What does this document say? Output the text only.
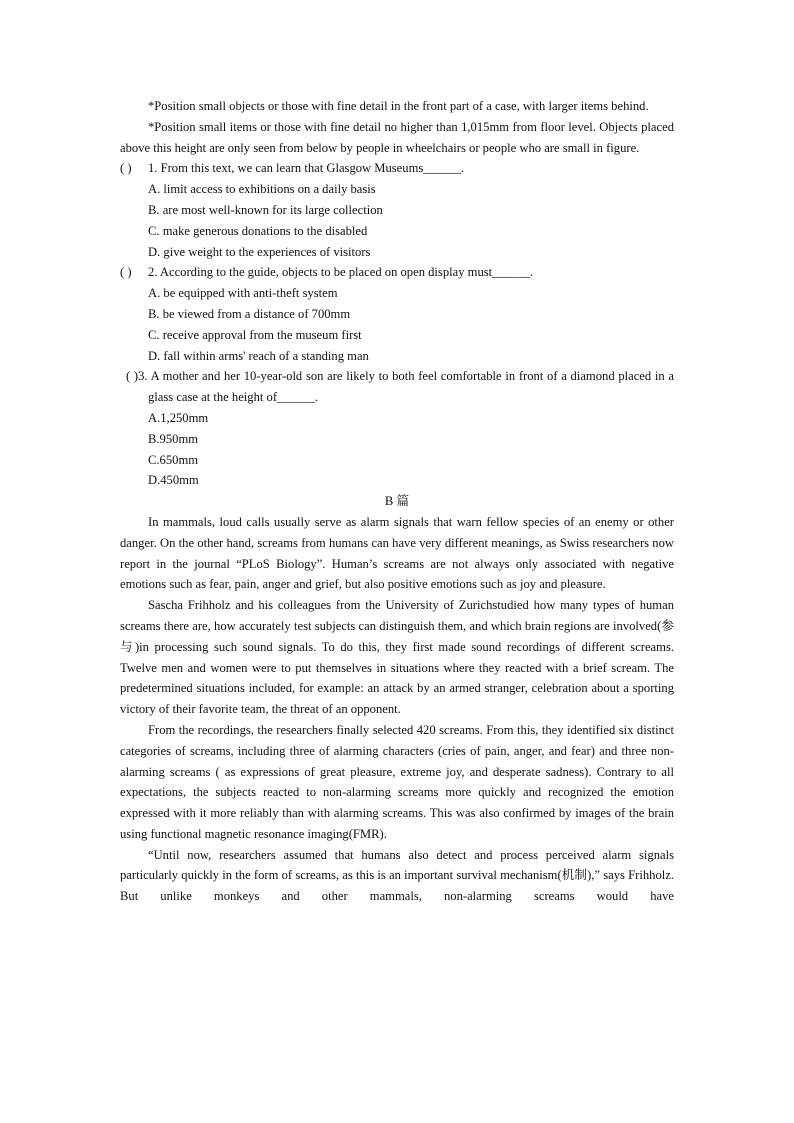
*Position small objects or those with fine detail in the front part of a case, with larger items behind.

*Position small items or those with fine detail no higher than 1,015mm from floor level. Objects placed above this height are only seen from below by people in wheelchairs or people who are small in figure.

( )	1. From this text, we can learn that Glasgow Museums______.

A. limit access to exhibitions on a daily basis

B. are most well-known for its large collection

C. make generous donations to the disabled

D. give weight to the experiences of visitors

( )	2. According to the guide, objects to be placed on open display must______.

A. be equipped with anti-theft system

B. be viewed from a distance of 700mm

C. receive approval from the museum first

D. fall within arms' reach of a standing man

( )3. A mother and her 10-year-old son are likely to both feel comfortable in front of a diamond placed in a glass case at the height of______.

A.1,250mm

B.950mm

C.650mm

D.450mm

B 篇

In mammals, loud calls usually serve as alarm signals that warn fellow species of an enemy or other danger. On the other hand, screams from humans can have very different meanings, as Swiss researchers now report in the journal “PLoS Biology”. Human’s screams are not always only associated with negative emotions such as fear, pain, anger and grief, but also positive emotions such as joy and pleasure.

Sascha Frihholz and his colleagues from the University of Zurichstudied how many types of human screams there are, how accurately test subjects can distinguish them, and which brain regions are involved(参与)in processing such sound signals. To do this, they first made sound recordings of different screams. Twelve men and women were to put themselves in situations where they reacted with a brief scream. The predetermined situations included, for example: an attack by an armed stranger, celebration about a sporting victory of their favorite team, the threat of an opponent.

From the recordings, the researchers finally selected 420 screams. From this, they identified six distinct categories of screams, including three of alarming characters (cries of pain, anger, and fear) and three non-alarming screams ( as expressions of great pleasure, extreme joy, and desperate sadness). Contrary to all expectations, the subjects reacted to non-alarming screams more quickly and recognized the emotion expressed with it more reliably than with alarming screams. This was also confirmed by images of the brain using functional magnetic resonance imaging(FMR).

“Until now, researchers assumed that humans also detect and process perceived alarm signals particularly quickly in the form of screams, as this is an important survival mechanism(机制),” says Frihholz. But unlike monkeys and other mammals, non-alarming screams would have
